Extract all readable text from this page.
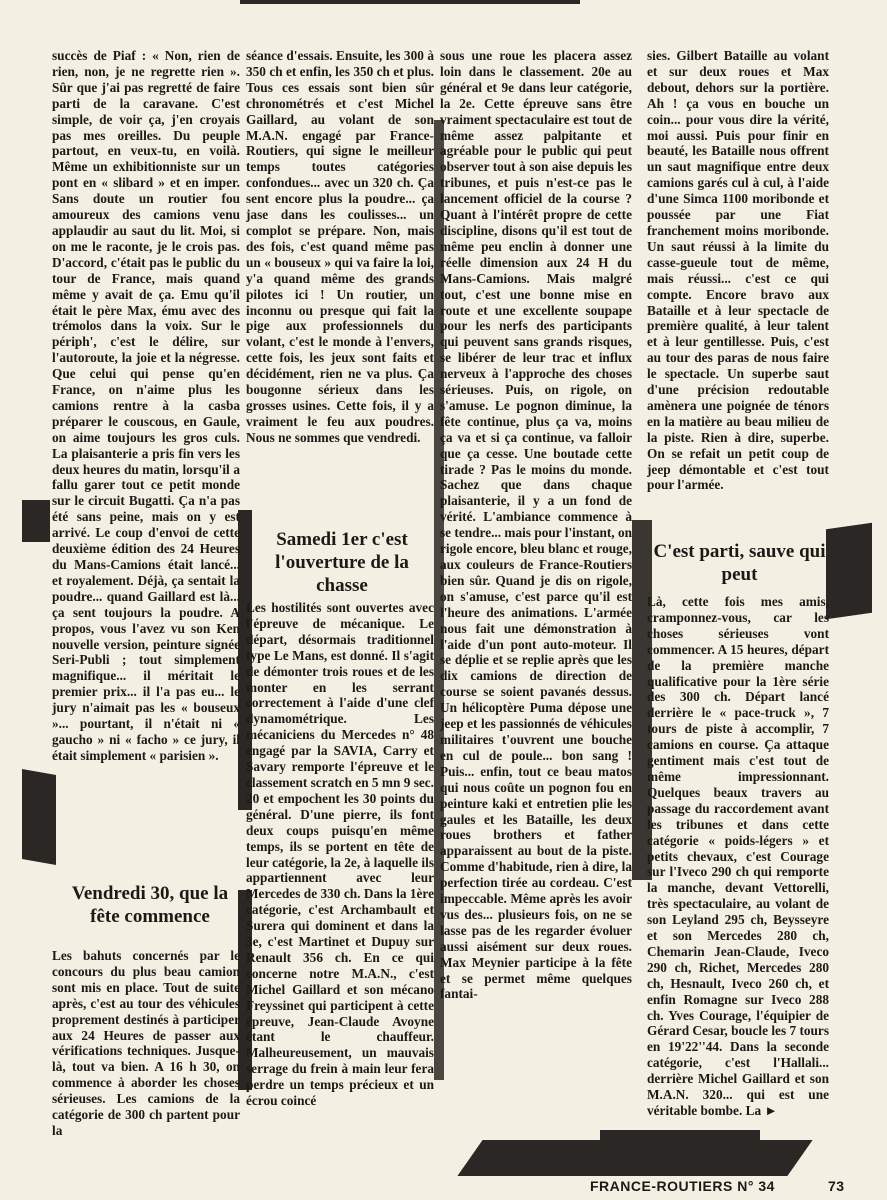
succès de Piaf : « Non, rien de rien, non, je ne regrette rien ». Sûr que j'ai pas regretté de faire parti de la caravane. C'est simple, de voir ça, j'en croyais pas mes oreilles. Du peuple partout, en veux-tu, en voilà. Même un exhibitionniste sur un pont en « slibard » et en imper. Sans doute un routier fou amoureux des camions venu applaudir au saut du lit. Moi, si on me le raconte, je le crois pas. D'accord, c'était pas le public du tour de France, mais quand même y avait de ça. Emu qu'il était le père Max, ému avec des trémolos dans la voix. Sur le périph', c'est le délire, sur l'autoroute, la joie et la négresse. Que celui qui pense qu'en France, on n'aime plus les camions rentre à la casba préparer le couscous, en Gaule, on aime toujours les gros culs. La plaisanterie a pris fin vers les deux heures du matin, lorsqu'il a fallu garer tout ce petit monde sur le circuit Bugatti. Ça n'a pas été sans peine, mais on y est arrivé. Le coup d'envoi de cette deuxième édition des 24 Heures du Mans-Camions était lancé... et royalement. Déjà, ça sentait la poudre... quand Gaillard est là... ça sent toujours la poudre. A propos, vous l'avez vu son Ken nouvelle version, peinture signée Seri-Publi ; tout simplement magnifique... il méritait le premier prix... il l'a pas eu... le jury n'aimait pas les « bouseux »... pourtant, il n'était ni « gaucho » ni « facho » ce jury, il était simplement « parisien ».

Vendredi 30, que la fête commence

Les bahuts concernés par le concours du plus beau camion sont mis en place. Tout de suite après, c'est au tour des véhicules proprement destinés à participer aux 24 Heures de passer aux vérifications techniques. Jusque-là, tout va bien. A 16 h 30, on commence à aborder les choses sérieuses. Les camions de la catégorie de 300 ch partent pour la

séance d'essais. Ensuite, les 300 à 350 ch et enfin, les 350 ch et plus. Tous ces essais sont bien sûr chronométrés et c'est Michel Gaillard, au volant de son M.A.N. engagé par France-Routiers, qui signe le meilleur temps toutes catégories confondues... avec un 320 ch. Ça sent encore plus la poudre... ça jase dans les coulisses... un complot se prépare. Non, mais des fois, c'est quand même pas un « bouseux » qui va faire la loi, y'a quand même des grands pilotes ici ! Un routier, un inconnu ou presque qui fait la pige aux professionnels du volant, c'est le monde à l'envers, cette fois, les jeux sont faits et décidément, rien ne va plus. Ça bougonne sérieux dans les grosses usines. Cette fois, il y a vraiment le feu aux poudres. Nous ne sommes que vendredi.

Samedi 1er c'est l'ouverture de la chasse

Les hostilités sont ouvertes avec l'épreuve de mécanique. Le départ, désormais traditionnel type Le Mans, est donné. Il s'agit de démonter trois roues et de les monter en les serrant correctement à l'aide d'une clef dynamométrique. Les mécaniciens du Mercedes n° 48 engagé par la SAVIA, Carry et Savary remporte l'épreuve et le classement scratch en 5 mn 9 sec. 20 et empochent les 30 points du général. D'une pierre, ils font deux coups puisqu'en même temps, ils se portent en tête de leur catégorie, la 2e, à laquelle ils appartiennent avec leur Mercedes de 330 ch. Dans la 1ère catégorie, c'est Archambault et Surera qui dominent et dans la 3e, c'est Martinet et Dupuy sur Renault 356 ch. En ce qui concerne notre M.A.N., c'est Michel Gaillard et son mécano Freyssinet qui participent à cette épreuve, Jean-Claude Avoyne étant le chauffeur. Malheureusement, un mauvais serrage du frein à main leur fera perdre un temps précieux et un écrou coincé

sous une roue les placera assez loin dans le classement. 20e au général et 9e dans leur catégorie, la 2e. Cette épreuve sans être vraiment spectaculaire est tout de même assez palpitante et agréable pour le public qui peut observer tout à son aise depuis les tribunes, et puis n'est-ce pas le lancement officiel de la course ? Quant à l'intérêt propre de cette discipline, disons qu'il est tout de même peu enclin à donner une réelle dimension aux 24 H du Mans-Camions. Mais malgré tout, c'est une bonne mise en route et une excellente soupape pour les nerfs des participants qui peuvent sans grands risques, se libérer de leur trac et influx nerveux à l'approche des choses sérieuses. Puis, on rigole, on s'amuse. Le pognon diminue, la fête continue, plus ça va, moins ça va et si ça continue, va falloir que ça cesse. Une boutade cette tirade ? Pas le moins du monde. Sachez que dans chaque plaisanterie, il y a un fond de vérité. L'ambiance commence à se tendre... mais pour l'instant, on rigole encore, bleu blanc et rouge, aux couleurs de France-Routiers bien sûr. Quand je dis on rigole, on s'amuse, c'est parce qu'il est l'heure des animations. L'armée nous fait une démonstration à l'aide d'un pont auto-moteur. Il se déplie et se replie après que les dix camions de direction de course se soient pavanés dessus. Un hélicoptère Puma dépose une jeep et les passionnés de véhicules militaires t'ouvrent une bouche en cul de poule... bon sang ! Puis... enfin, tout ce beau matos qui nous coûte un pognon fou en peinture kaki et entretien plie les gaules et les Bataille, les deux roues brothers et father apparaissent au bout de la piste. Comme d'habitude, rien à dire, la perfection tirée au cordeau. C'est impeccable. Même après les avoir vus des... plusieurs fois, on ne se lasse pas de les regarder évoluer aussi aisément sur deux roues. Max Meynier participe à la fête et se permet même quelques fantai-

sies. Gilbert Bataille au volant et sur deux roues et Max debout, dehors sur la portière. Ah ! ça vous en bouche un coin... pour vous dire la vérité, moi aussi. Puis pour finir en beauté, les Bataille nous offrent un saut magnifique entre deux camions garés cul à cul, à l'aide d'une Simca 1100 moribonde et poussée par une Fiat franchement moins moribonde. Un saut réussi à la limite du casse-gueule tout de même, mais réussi... c'est ce qui compte. Encore bravo aux Bataille et à leur spectacle de première qualité, à leur talent et à leur gentillesse. Puis, c'est au tour des paras de nous faire le spectacle. Un superbe saut d'une précision redoutable amènera une poignée de ténors en la matière au beau milieu de la piste. Rien à dire, superbe. On se refait un petit coup de jeep démontable et c'est tout pour l'armée.

C'est parti, sauve qui peut

Là, cette fois mes amis, cramponnez-vous, car les choses sérieuses vont commencer. A 15 heures, départ de la première manche qualificative pour la 1ère série des 300 ch. Départ lancé derrière le « pace-truck », 7 tours de piste à accomplir, 7 camions en course. Ça attaque gentiment mais c'est tout de même impressionnant. Quelques beaux travers au passage du raccordement avant les tribunes et dans cette catégorie « poids-légers » et petits chevaux, c'est Courage sur l'Iveco 290 ch qui remporte la manche, devant Vettorelli, très spectaculaire, au volant de son Leyland 295 ch, Beysseyre et son Mercedes 280 ch, Chemarin Jean-Claude, Iveco 290 ch, Richet, Mercedes 280 ch, Hesnault, Iveco 260 ch, et enfin Romagne sur Iveco 288 ch. Yves Courage, l'équipier de Gérard Cesar, boucle les 7 tours en 19'22''44. Dans la seconde catégorie, c'est l'Hallali... derrière Michel Gaillard et son M.A.N. 320... qui est une véritable bombe. La ►

FRANCE-ROUTIERS N° 34	73
